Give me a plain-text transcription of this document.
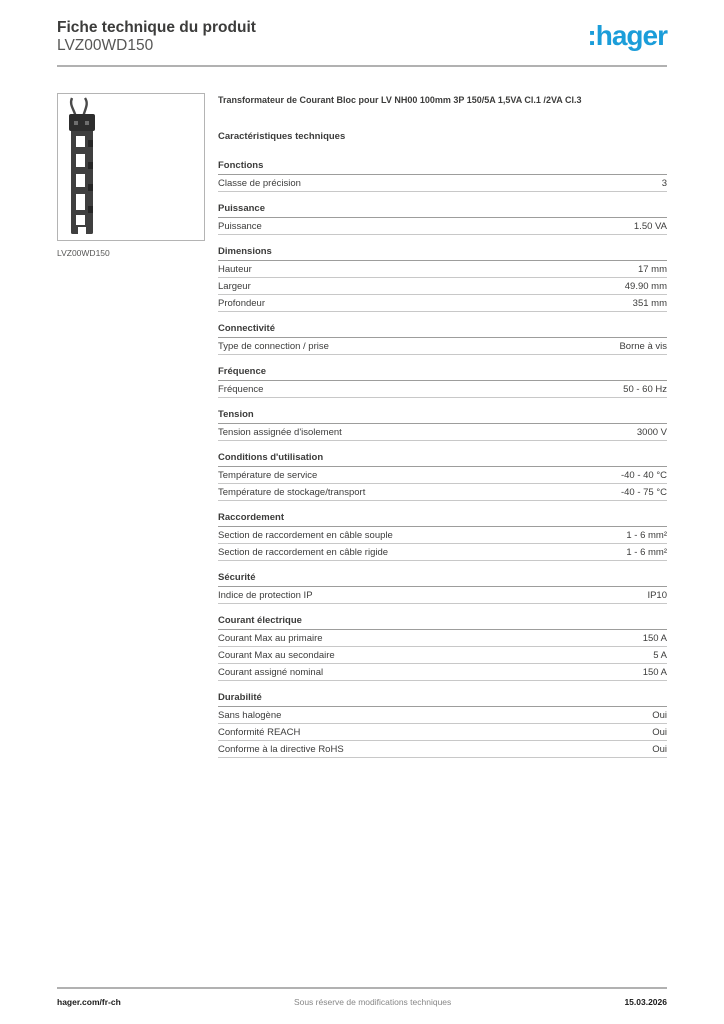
Fiche technique du produit
LVZ00WD150	:hager
LVZ00WD150
Transformateur de Courant Bloc pour LV NH00 100mm 3P 150/5A 1,5VA Cl.1 /2VA Cl.3
Caractéristiques techniques
Fonctions
Classe de précision	3
Puissance
Puissance	1.50 VA
Dimensions
Hauteur	17 mm
Largeur	49.90 mm
Profondeur	351 mm
Connectivité
Type de connection / prise	Borne à vis
Fréquence
Fréquence	50 - 60 Hz
Tension
Tension assignée d'isolement	3000 V
Conditions d'utilisation
Température de service	-40 - 40 °C
Température de stockage/transport	-40 - 75 °C
Raccordement
Section de raccordement en câble souple	1 - 6 mm²
Section de raccordement en câble rigide	1 - 6 mm²
Sécurité
Indice de protection IP	IP10
Courant électrique
Courant Max au primaire	150 A
Courant Max au secondaire	5 A
Courant assigné nominal	150 A
Durabilité
Sans halogène	Oui
Conformité REACH	Oui
Conforme à la directive RoHS	Oui
hager.com/fr-ch	Sous réserve de modifications techniques	15.03.2026
